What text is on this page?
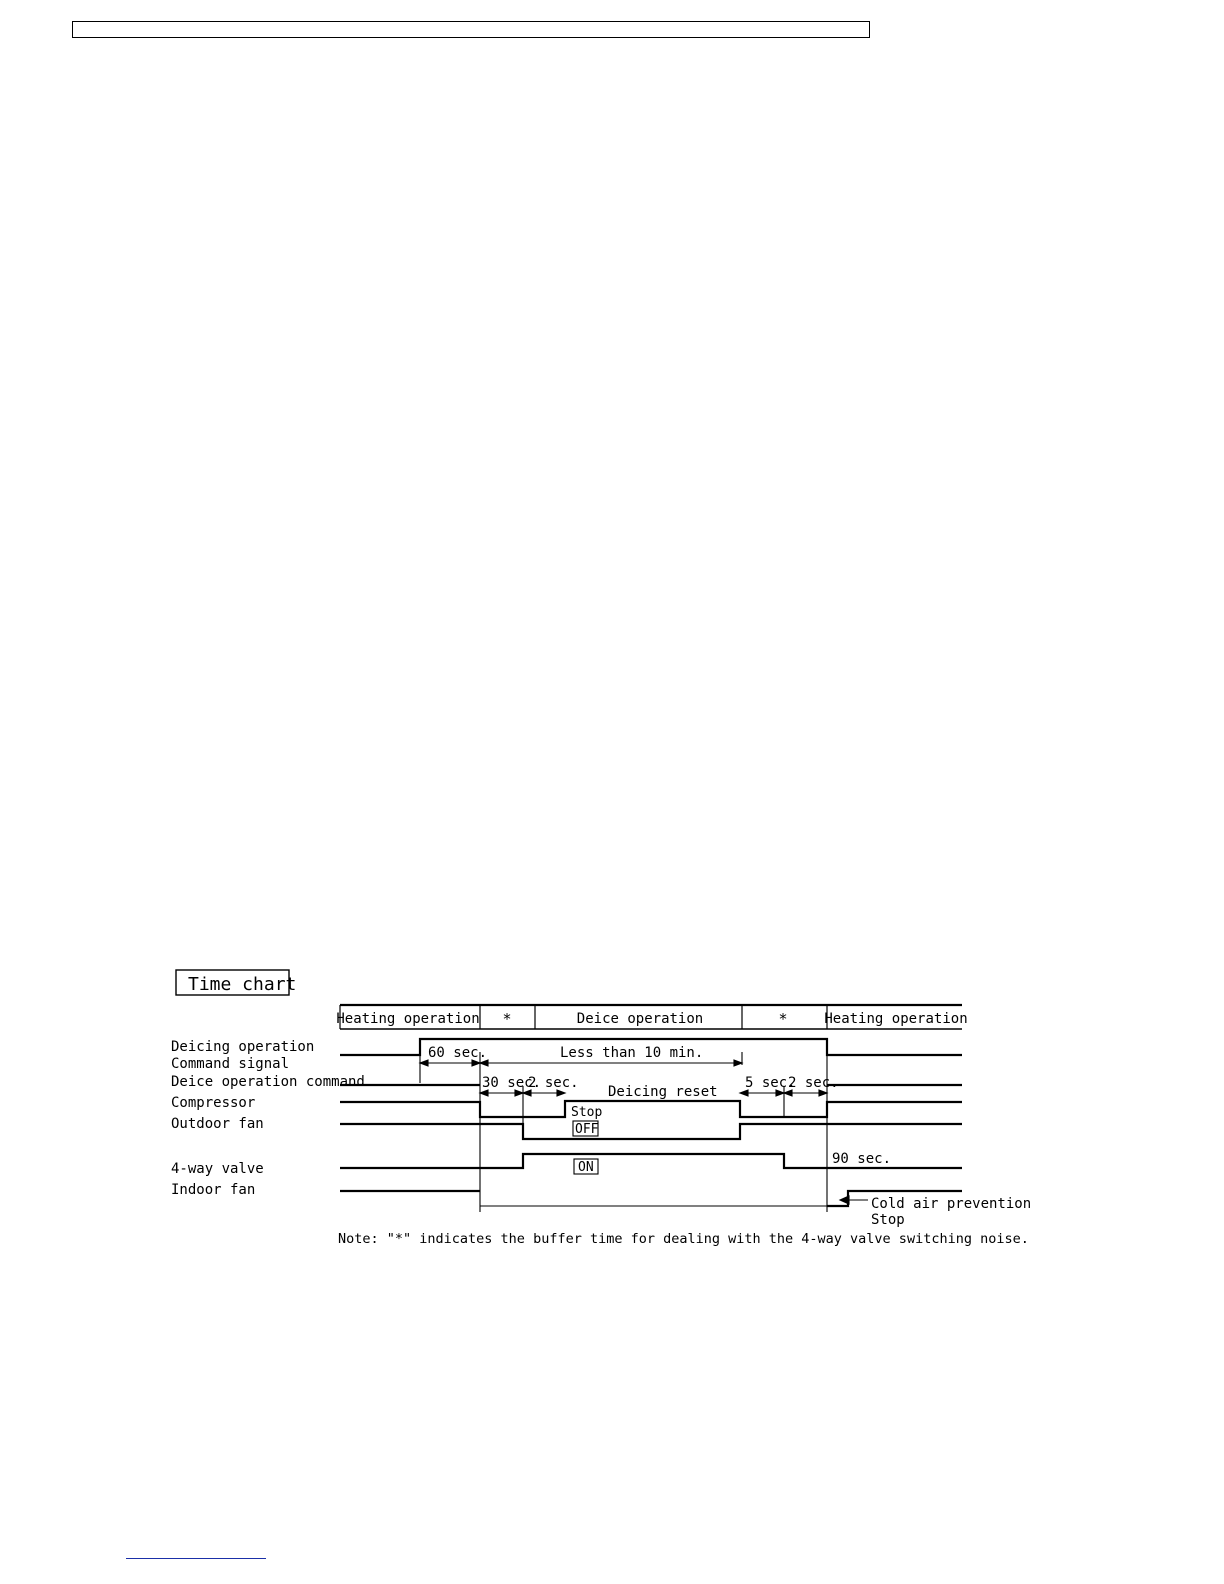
Time chart
Heating operation *	Deice operation	*	Heating operation
Deicing operation
Command signal
Deice operation command
Compressor
Outdoor fan
4-way valve
Indoor fan
60 sec.	Less than 10 min.
30 sec.
2 sec.
Deicing reset
5 sec.
2 sec.
90 sec.
Stop
OFF
ON
Cold air prevention
Stop
Note: "*" indicates the buffer time for dealing with the 4-way valve switching noise.
